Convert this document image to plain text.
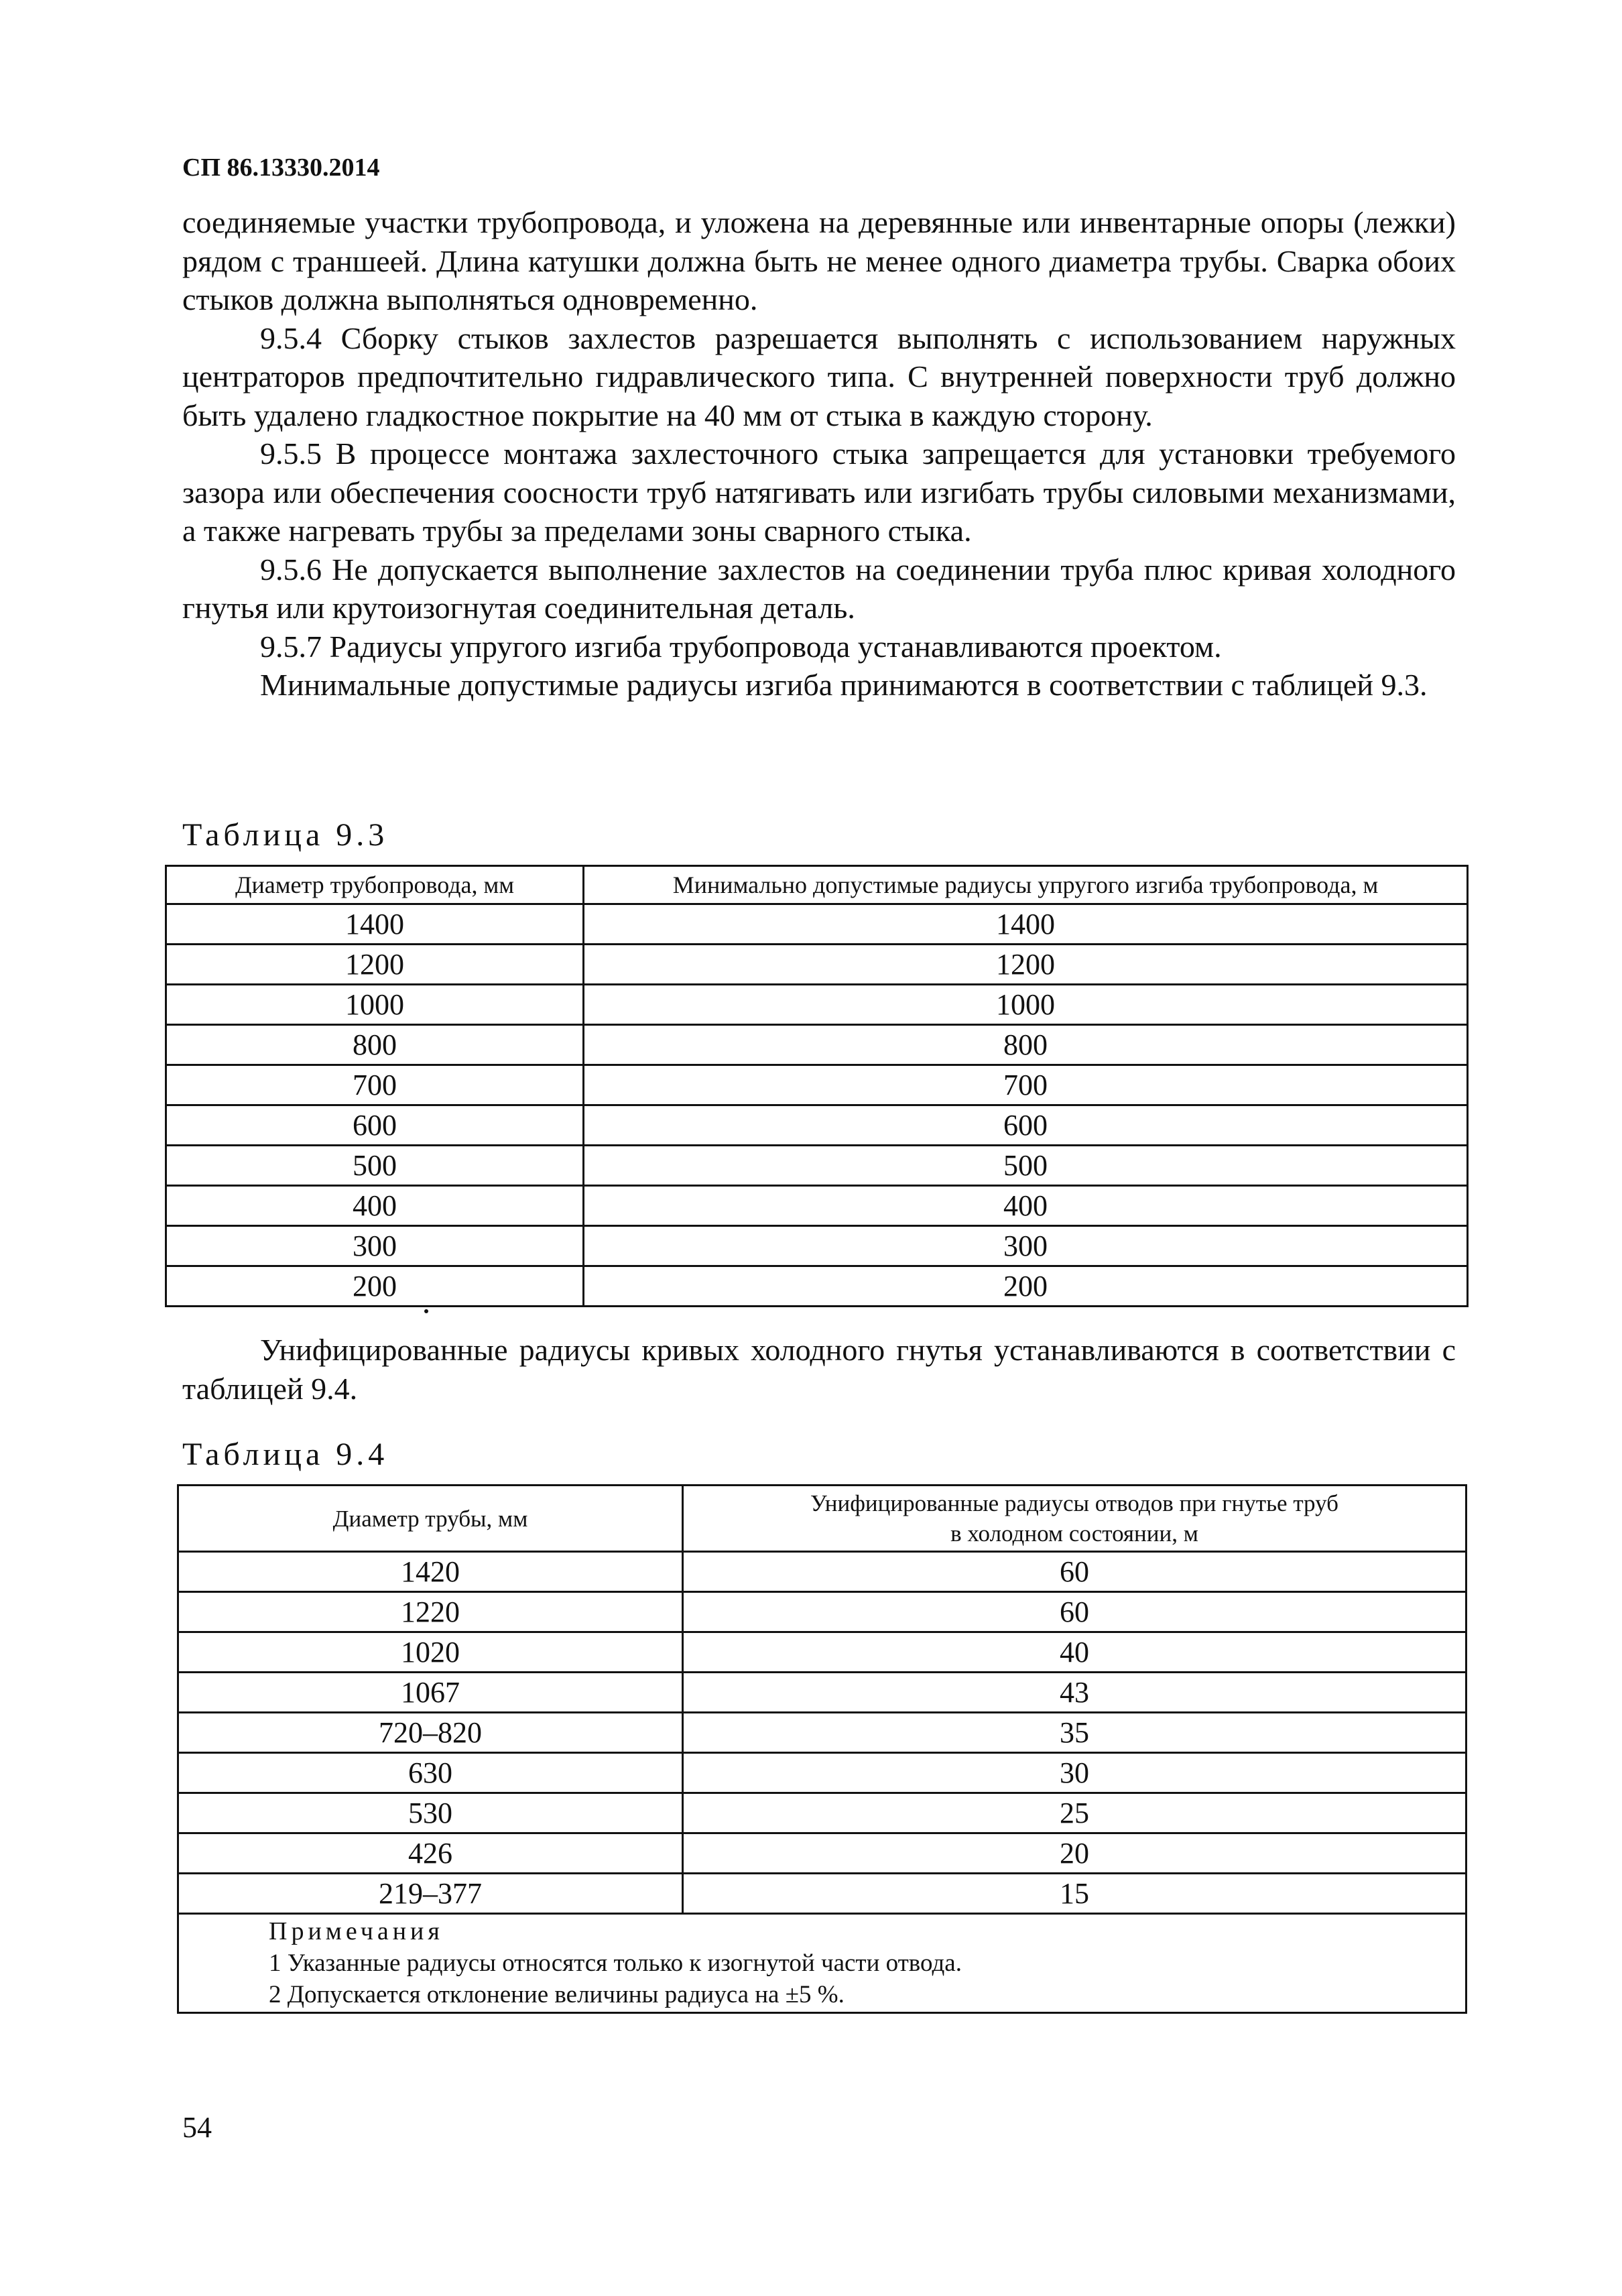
СП 86.13330.2014

соединяемые участки трубопровода, и уложена на деревянные или инвентарные опоры (лежки) рядом с траншеей. Длина катушки должна быть не менее одного диаметра трубы. Сварка обоих стыков должна выполняться одновременно.

9.5.4 Сборку стыков захлестов разрешается выполнять с использованием наружных центраторов предпочтительно гидравлического типа. С внутренней поверхности труб должно быть удалено гладкостное покрытие на 40 мм от стыка в каждую сторону.

9.5.5 В процессе монтажа захлесточного стыка запрещается для установки требуемого зазора или обеспечения соосности труб натягивать или изгибать трубы силовыми механизмами, а также нагревать трубы за пределами зоны сварного стыка.

9.5.6 Не допускается выполнение захлестов на соединении труба плюс кривая холодного гнутья или крутоизогнутая соединительная деталь.

9.5.7 Радиусы упругого изгиба трубопровода устанавливаются проектом.

Минимальные допустимые радиусы изгиба принимаются в соответствии с таблицей 9.3.

Таблица 9.3
Диаметр трубопровода, мм	Минимально допустимые радиусы упругого изгиба трубопровода, м
1400	1400
1200	1200
1000	1000
800	800
700	700
600	600
500	500
400	400
300	300
200	200

Унифицированные радиусы кривых холодного гнутья устанавливаются в соответствии с таблицей 9.4.

Таблица 9.4
Диаметр трубы, мм	Унифицированные радиусы отводов при гнутье труб
в холодном состоянии, м

1420	60
1220	60
1020	40
1067	43
720–820	35
630	30
530	25
426	20
219–377	15

Примечания
1 Указанные радиусы относятся только к изогнутой части отвода.
2 Допускается отклонение величины радиуса на ±5 %.	
54
